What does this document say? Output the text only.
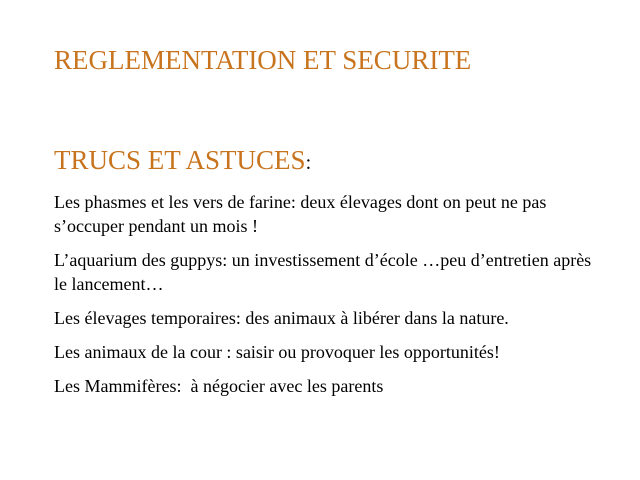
REGLEMENTATION ET SECURITE
TRUCS ET ASTUCES:

Les phasmes et les vers de farine: deux élevages dont on peut ne pas s’occuper pendant un mois !

L’aquarium des guppys: un investissement d’école …peu d’entretien après le lancement…

Les élevages temporaires: des animaux à libérer dans la nature.

Les animaux de la cour : saisir ou provoquer les opportunités!

Les Mammifères:  à négocier avec les parents
